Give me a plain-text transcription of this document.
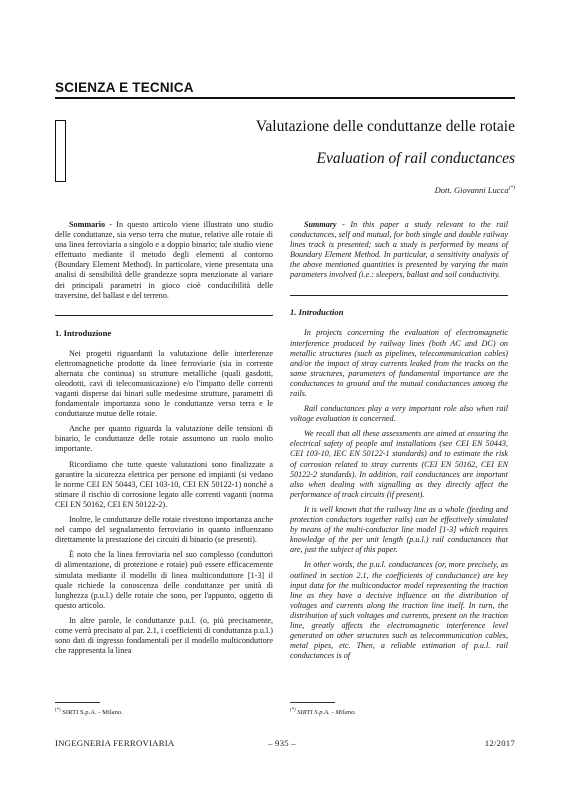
SCIENZA E TECNICA
Valutazione delle conduttanze delle rotaie
Evaluation of rail conductances
Dott. Giovanni Lucca(*)

Sommario - In questo articolo viene illustrato uno studio delle conduttanze, sia verso terra che mutue, relative alle rotaie di una linea ferroviaria a singolo e a doppio binario; tale studio viene effettuato mediante il metodo degli elementi al contorno (Boundary Element Method). In particolare, viene presentata una analisi di sensibilità delle grandezze sopra menzionate al variare dei principali parametri in gioco cioè conducibilità delle traversine, del ballast e del terreno.

1. Introduzione

Nei progetti riguardanti la valutazione delle interferenze elettromagnetiche prodotte da linee ferroviarie (sia in corrente alternata che continua) su strutture metalliche (quali gasdotti, oleodotti, cavi di telecomunicazione) e/o l'impatto delle correnti vaganti disperse dai binari sulle medesime strutture, parametri di fondamentale importanza sono le conduttanze verso terra e le conduttanze mutue delle rotaie.

Anche per quanto riguarda la valutazione delle tensioni di binario, le conduttanze delle rotaie assumono un ruolo molto importante.

Ricordiamo che tutte queste valutazioni sono finalizzate a garantire la sicurezza elettrica per persone ed impianti (si vedano le norme CEI EN 50443, CEI 103-10, CEI EN 50122-1) nonché a stimare il rischio di corrosione legato alle correnti vaganti (norma CEI EN 50162, CEI EN 50122-2).

Inoltre, le conduttanze delle rotaie rivestono importanza anche nel campo del segnalamento ferroviario in quanto influenzano direttamente la prestazione dei circuiti di binario (se presenti).

È noto che la linea ferroviaria nel suo complesso (conduttori di alimentazione, di protezione e rotaie) può essere efficacemente simulata mediante il modello di linea multiconduttore [1-3] il quale richiede la conoscenza delle conduttanze per unità di lunghezza (p.u.l.) delle rotaie che sono, per l'appunto, oggetto di questo articolo.

In altre parole, le conduttanze p.u.l. (o, più precisamente, come verrà precisato al par. 2.1, i coefficienti di conduttanza p.u.l.) sono dati di ingresso fondamentali per il modello multiconduttore che rappresenta la linea

Summary - In this paper a study relevant to the rail conductances, self and mutual, for both single and double railway lines track is presented; such a study is performed by means of Boundary Element Method. In particular, a sensitivity analysis of the above mentioned quantities is presented by varying the main parameters involved (i.e.: sleepers, ballast and soil conductivity.

1. Introduction

In projects concerning the evaluation of electromagnetic interference produced by railway lines (both AC and DC) on metallic structures (such as pipelines, telecommunication cables) and/or the impact of stray currents leaked from the tracks on the same structures, parameters of fundamental importance are the conductances to ground and the mutual conductances among the rails.

Rail conductances play a very important role also when rail voltage evaluation is concerned.

We recall that all these assessments are aimed at ensuring the electrical safety of people and installations (see CEI EN 50443, CEI 103-10, IEC EN 50122-1 standards) and to estimate the risk of corrosion related to stray currents (CEI EN 50162, CEI EN 50122-2 standards). In addition, rail conductances are important also when dealing with signalling as they directly affect the performance of track circuits (if present).

It is well known that the railway line as a whole (feeding and protection conductors together rails) can be effectively simulated by means of the multi-conductor line model [1-3] which requires knowledge of the per unit length (p.u.l.) rail conductances that are, just the subject of this paper.

In other words, the p.u.l. conductances (or, more precisely, as outlined in section 2.1, the coefficients of conductance) are key input data for the multiconductor model representing the traction line as they have a decisive influence on the distribution of voltages and currents along the traction line itself. In turn, the distribution of such voltages and currents, present on the traction line, greatly affects the electromagnetic interference level generated on other structures such as telecommunication cables, metal pipes, etc. Then, a reliable estimation of p.u.l. rail conductances is of

(*) SIRTI S.p.A. - Milano.	(*) SIRTI S.p.A. - Milano.
INGEGNERIA FERROVIARIA	– 935 –	12/2017
